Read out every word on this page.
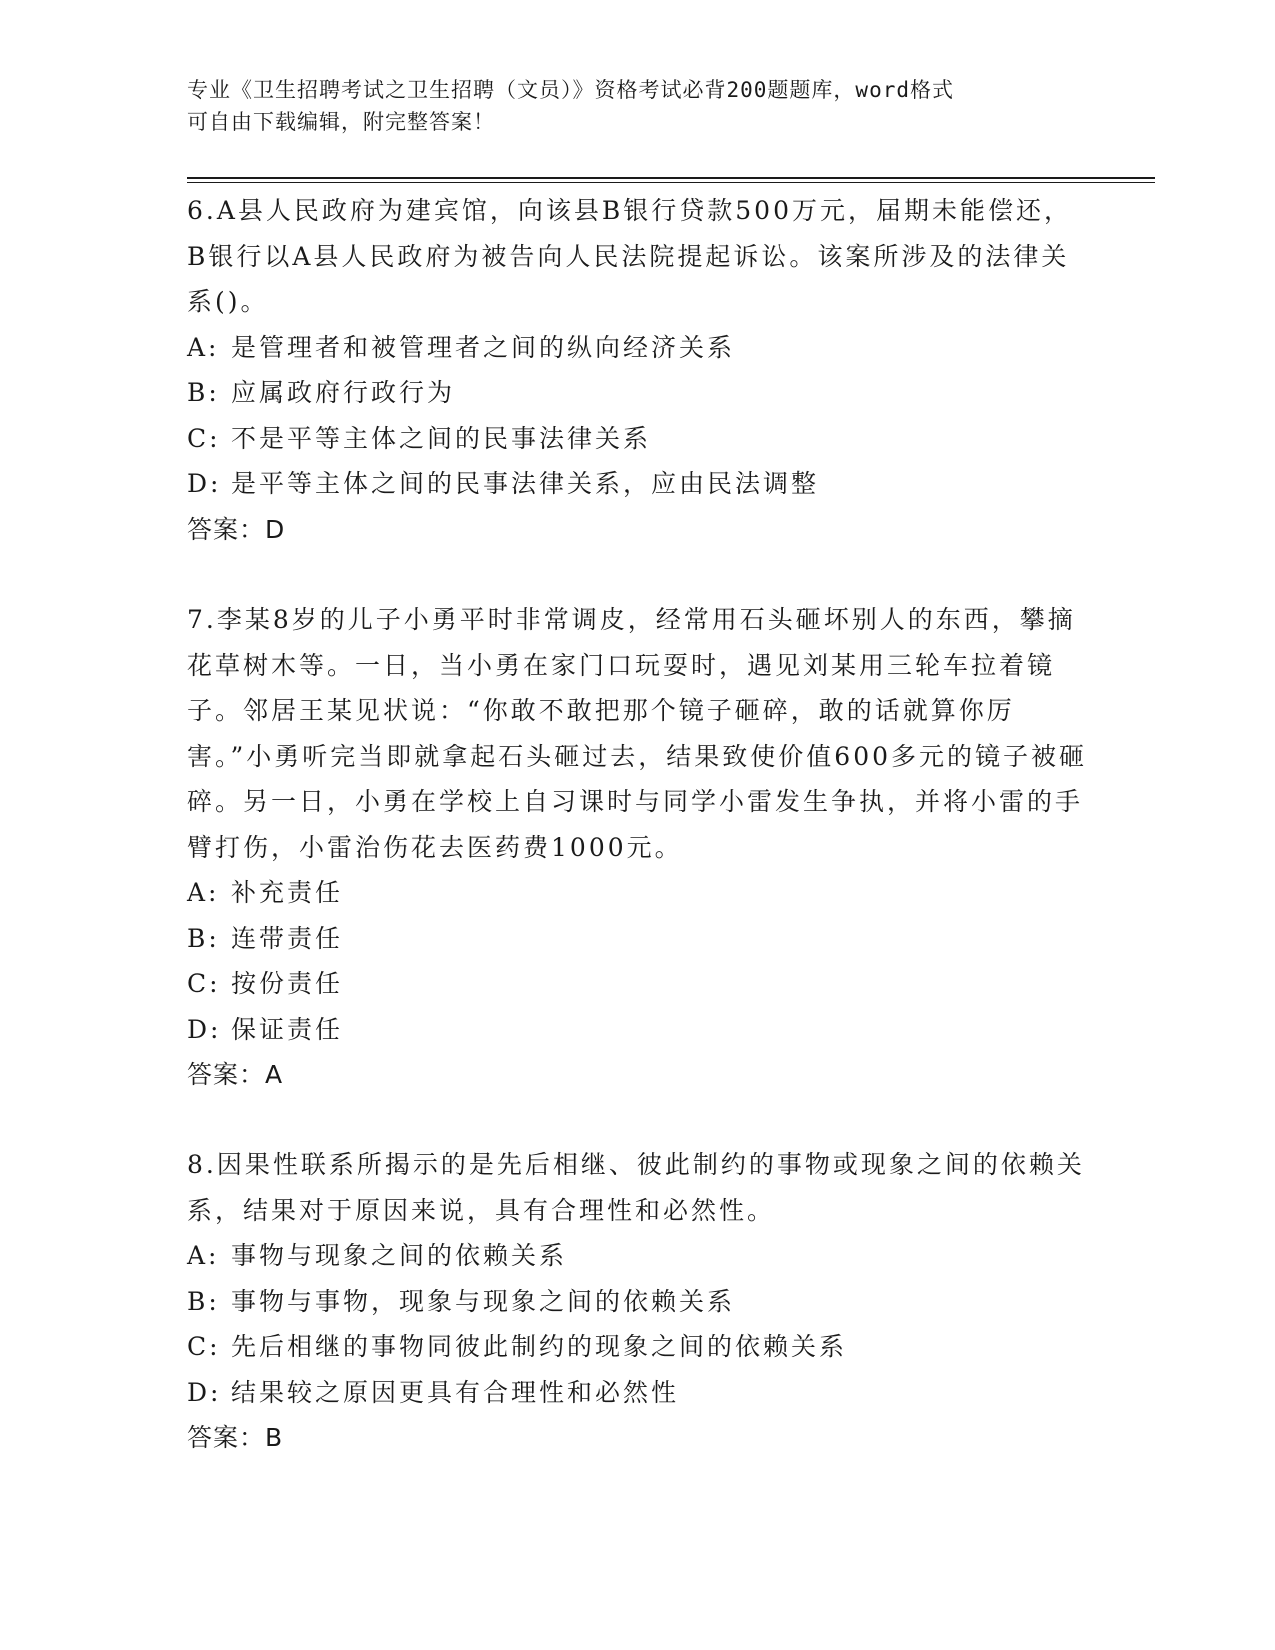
专业《卫生招聘考试之卫生招聘（文员）》资格考试必背200题题库，word格式
可自由下载编辑，附完整答案！

6.A县人民政府为建宾馆，向该县B银行贷款500万元，届期未能偿还，B银行以A县人民政府为被告向人民法院提起诉讼。该案所涉及的法律关系()。

A: 是管理者和被管理者之间的纵向经济关系
B: 应属政府行政行为
C: 不是平等主体之间的民事法律关系
D: 是平等主体之间的民事法律关系，应由民法调整
答案：D

7.李某8岁的儿子小勇平时非常调皮，经常用石头砸坏别人的东西，攀摘花草树木等。一日，当小勇在家门口玩耍时，遇见刘某用三轮车拉着镜子。邻居王某见状说：“你敢不敢把那个镜子砸碎，敢的话就算你厉害。”小勇听完当即就拿起石头砸过去，结果致使价值600多元的镜子被砸碎。另一日，小勇在学校上自习课时与同学小雷发生争执，并将小雷的手臂打伤，小雷治伤花去医药费1000元。

A: 补充责任
B: 连带责任
C: 按份责任
D: 保证责任
答案：A

8.因果性联系所揭示的是先后相继、彼此制约的事物或现象之间的依赖关系，结果对于原因来说，具有合理性和必然性。

A: 事物与现象之间的依赖关系
B: 事物与事物，现象与现象之间的依赖关系
C: 先后相继的事物同彼此制约的现象之间的依赖关系
D: 结果较之原因更具有合理性和必然性
答案：B
